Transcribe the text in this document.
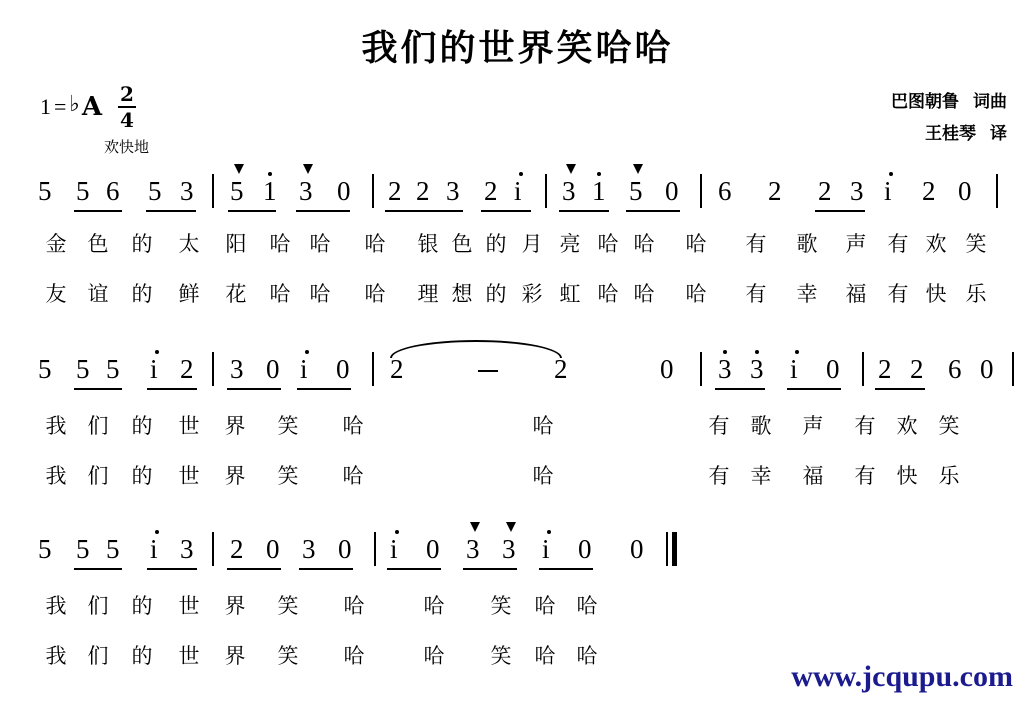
我们的世界笑哈哈
1 = ♭ A $\frac{2}{4}$
欢快地
巴图朝鲁 词曲
王桂琴 译
5 5 6 5 3 5 1 3 0 2 2 3 2 i 3 1 5 0 6 2 2 3 i 2 0
金 色 的 太 阳 哈 哈 哈 银 色 的 月 亮 哈 哈 哈 有 歌 声 有 欢 笑
友 谊 的 鲜 花 哈 哈 哈 理 想 的 彩 虹 哈 哈 哈 有 幸 福 有 快 乐
5 5 5 i 2 3 0 i 0 2	2	0 3 3 i 0 2 2 6 0
我 们 的 世 界 笑 哈	哈	有 歌 声 有 欢 笑
我 们 的 世 界 笑 哈	哈	有 幸 福 有 快 乐
5 5 5 i 3 2 0 3 0 i 0 3 3 i 0 0
我 们 的 世 界 笑 哈	哈 笑 哈 哈
我 们 的 世 界 笑 哈	哈 笑 哈 哈
www.jcqupu.com
